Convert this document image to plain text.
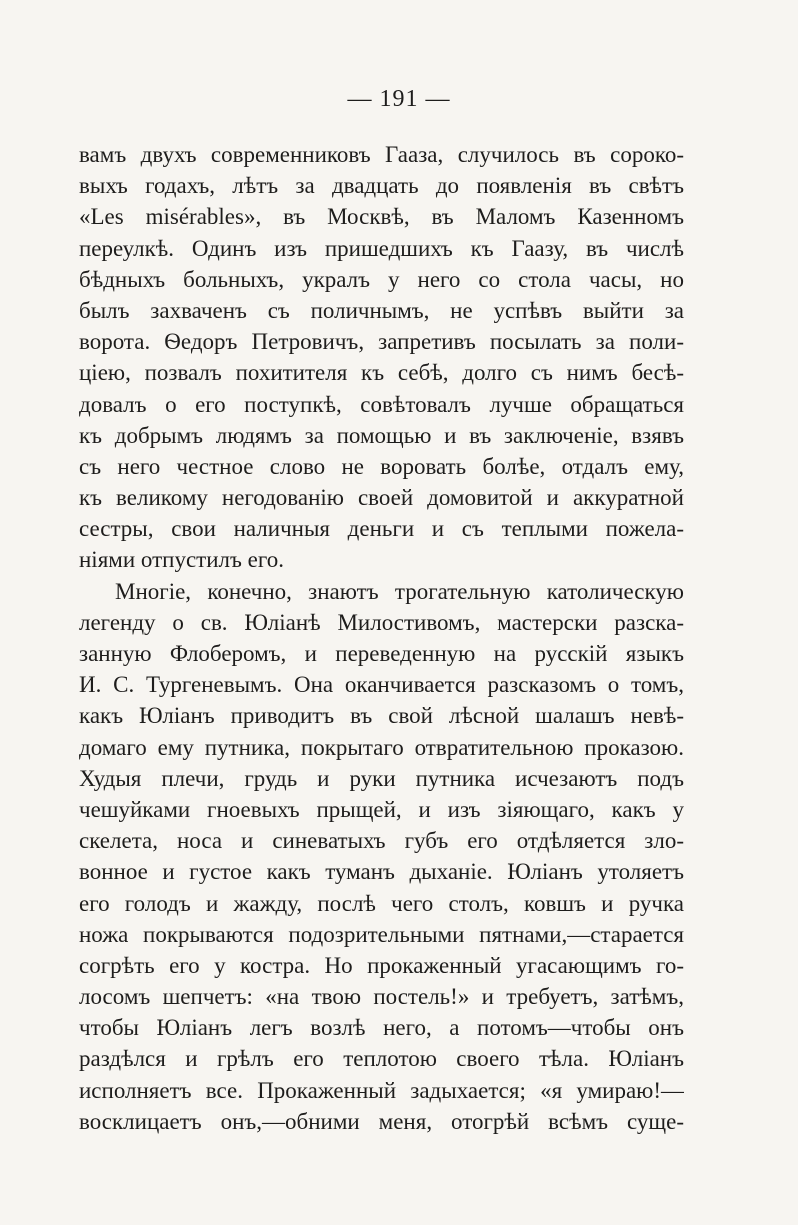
— 191 —
вамъ двухъ современниковъ Гааза, случилось въ сороко-
выхъ годахъ, лѣтъ за двадцать до появленія въ свѣтъ
«Les misérables», въ Москвѣ, въ Маломъ Казенномъ
переулкѣ. Одинъ изъ пришедшихъ къ Гаазу, въ числѣ
бѣдныхъ больныхъ, укралъ у него со стола часы, но
былъ захваченъ съ поличнымъ, не успѣвъ выйти за
ворота. Ѳедоръ Петровичъ, запретивъ посылать за поли-
ціею, позвалъ похитителя къ себѣ, долго съ нимъ бесѣ-
довалъ о его поступкѣ, совѣтовалъ лучше обращаться
къ добрымъ людямъ за помощью и въ заключеніе, взявъ
съ него честное слово не воровать болѣе, отдалъ ему,
къ великому негодованію своей домовитой и аккуратной
сестры, свои наличныя деньги и съ теплыми пожела-
ніями отпустилъ его.
Многіе, конечно, знаютъ трогательную католическую
легенду о св. Юліанѣ Милостивомъ, мастерски разска-
занную Флоберомъ, и переведенную на русскій языкъ
И. С. Тургеневымъ. Она оканчивается разсказомъ о томъ,
какъ Юліанъ приводитъ въ свой лѣсной шалашъ невѣ-
домаго ему путника, покрытаго отвратительною проказою.
Худыя плечи, грудь и руки путника исчезаютъ подъ
чешуйками гноевыхъ прыщей, и изъ зіяющаго, какъ у
скелета, носа и синеватыхъ губъ его отдѣляется зло-
вонное и густое какъ туманъ дыханіе. Юліанъ утоляетъ
его голодъ и жажду, послѣ чего столъ, ковшъ и ручка
ножа покрываются подозрительными пятнами,—старается
согрѣть его у костра. Но прокаженный угасающимъ го-
лосомъ шепчетъ: «на твою постель!» и требуетъ, затѣмъ,
чтобы Юліанъ легъ возлѣ него, а потомъ—чтобы онъ
раздѣлся и грѣлъ его теплотою своего тѣла. Юліанъ
исполняетъ все. Прокаженный задыхается; «я умираю!—
восклицаетъ онъ,—обними меня, отогрѣй всѣмъ суще-
